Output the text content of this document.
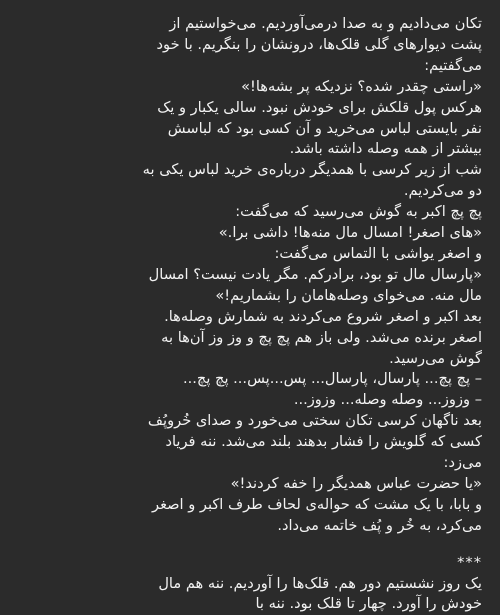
تکان می‌دادیم و به صدا درمی‌آوردیم. می‌خواستیم از
پشت دیوارهای گلی قلک‌ها، درونشان را بنگریم. با خود
می‌گفتیم:
«راستی چقدر شده؟ نزدیکه پر بشه‌ها!»
هرکس پول قلکش برای خودش نبود. سالی یکبار و یک
نفر بایستی لباس می‌خرید و آن کسی بود که لباسش
بیشتر از همه وصله داشته باشد.
شب از زیر کرسی با همدیگر درباره‌ی خرید لباس یکی به
دو می‌کردیم.
پچ پچ اکبر به گوش می‌رسید که می‌گفت:
«های اصغر! امسال مال منه‌ها! داشی برا.»
و اصغر یواشی با التماس می‌گفت:
«پارسال مال تو بود، برادرکم. مگر یادت نیست؟ امسال
مال منه. می‌خوای وصله‌هامان را بشماریم!»
بعد اکبر و اصغر شروع می‌کردند به شمارش وصله‌ها.
اصغر برنده می‌شد. ولی باز هم پچ پچ و وز وز آن‌ها به
گوش می‌رسید.
– پچ پچ... پارسال، پارسال... پس...پس... پچ پچ...
– وزوز... وصله وصله... وزوز...
بعد ناگهان کرسی تکان سختی می‌خورد و صدای خُروپُف
کسی که گلویش را فشار بدهند بلند می‌شد. ننه فریاد
می‌زد:
«یا حضرت عباس همدیگر را خفه کردند!»
و بابا، با یک مشت که حواله‌ی لحاف طرف اکبر و اصغر
می‌کرد، به خُر و پُف خاتمه می‌داد.
***
یک روز نشستیم دور هم. قلک‌ها را آوردیم. ننه هم مال
خودش را آورد. چهار تا قلک بود. ننه با
